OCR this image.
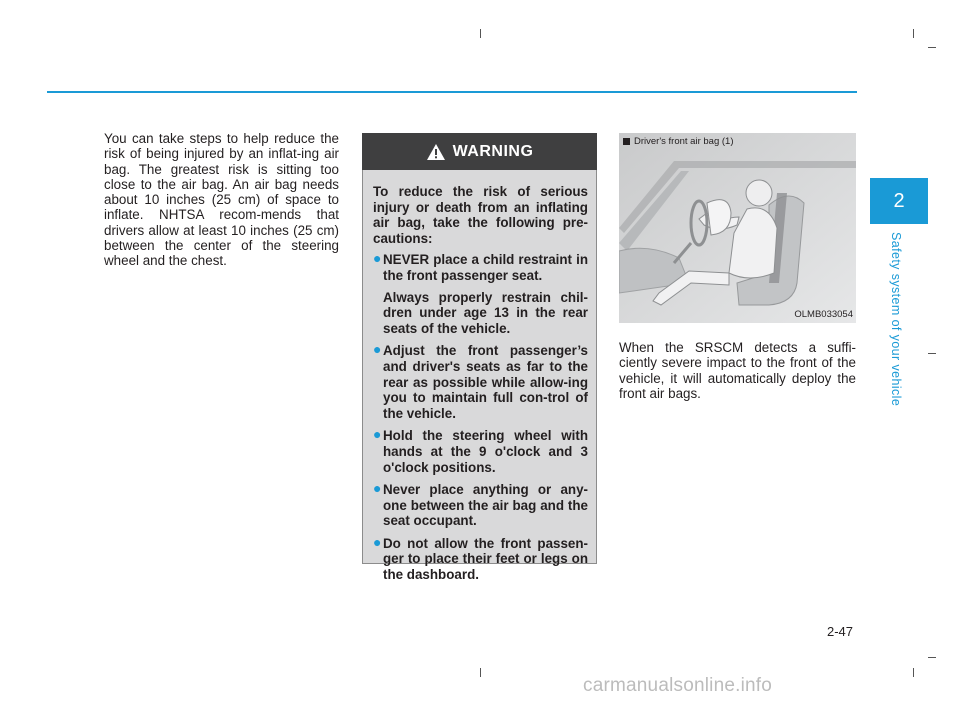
You can take steps to help reduce the risk of being injured by an inflat-ing air bag. The greatest risk is sitting too close to the air bag. An air bag needs about 10 inches (25 cm) of space to inflate. NHTSA recom-mends that drivers allow at least 10 inches (25 cm) between the center of the steering wheel and the chest.

WARNING

To reduce the risk of serious injury or death from an inflating air bag, take the following pre-cautions:

● NEVER place a child restraint in the front passenger seat.
Always properly restrain chil-dren under age 13 in the rear seats of the vehicle.
● Adjust the front passenger’s and driver's seats as far to the rear as possible while allow-ing you to maintain full con-trol of the vehicle.
● Hold the steering wheel with hands at the 9 o'clock and 3 o'clock positions.
● Never place anything or any-one between the air bag and the seat occupant.
● Do not allow the front passen-ger to place their feet or legs on the dashboard.
Driver's front air bag (1)
OLMB033054

When the SRSCM detects a suffi-ciently severe impact to the front of the vehicle, it will automatically deploy the front air bags.

2
Safety system of your vehicle
2-47
carmanualsonline.info
